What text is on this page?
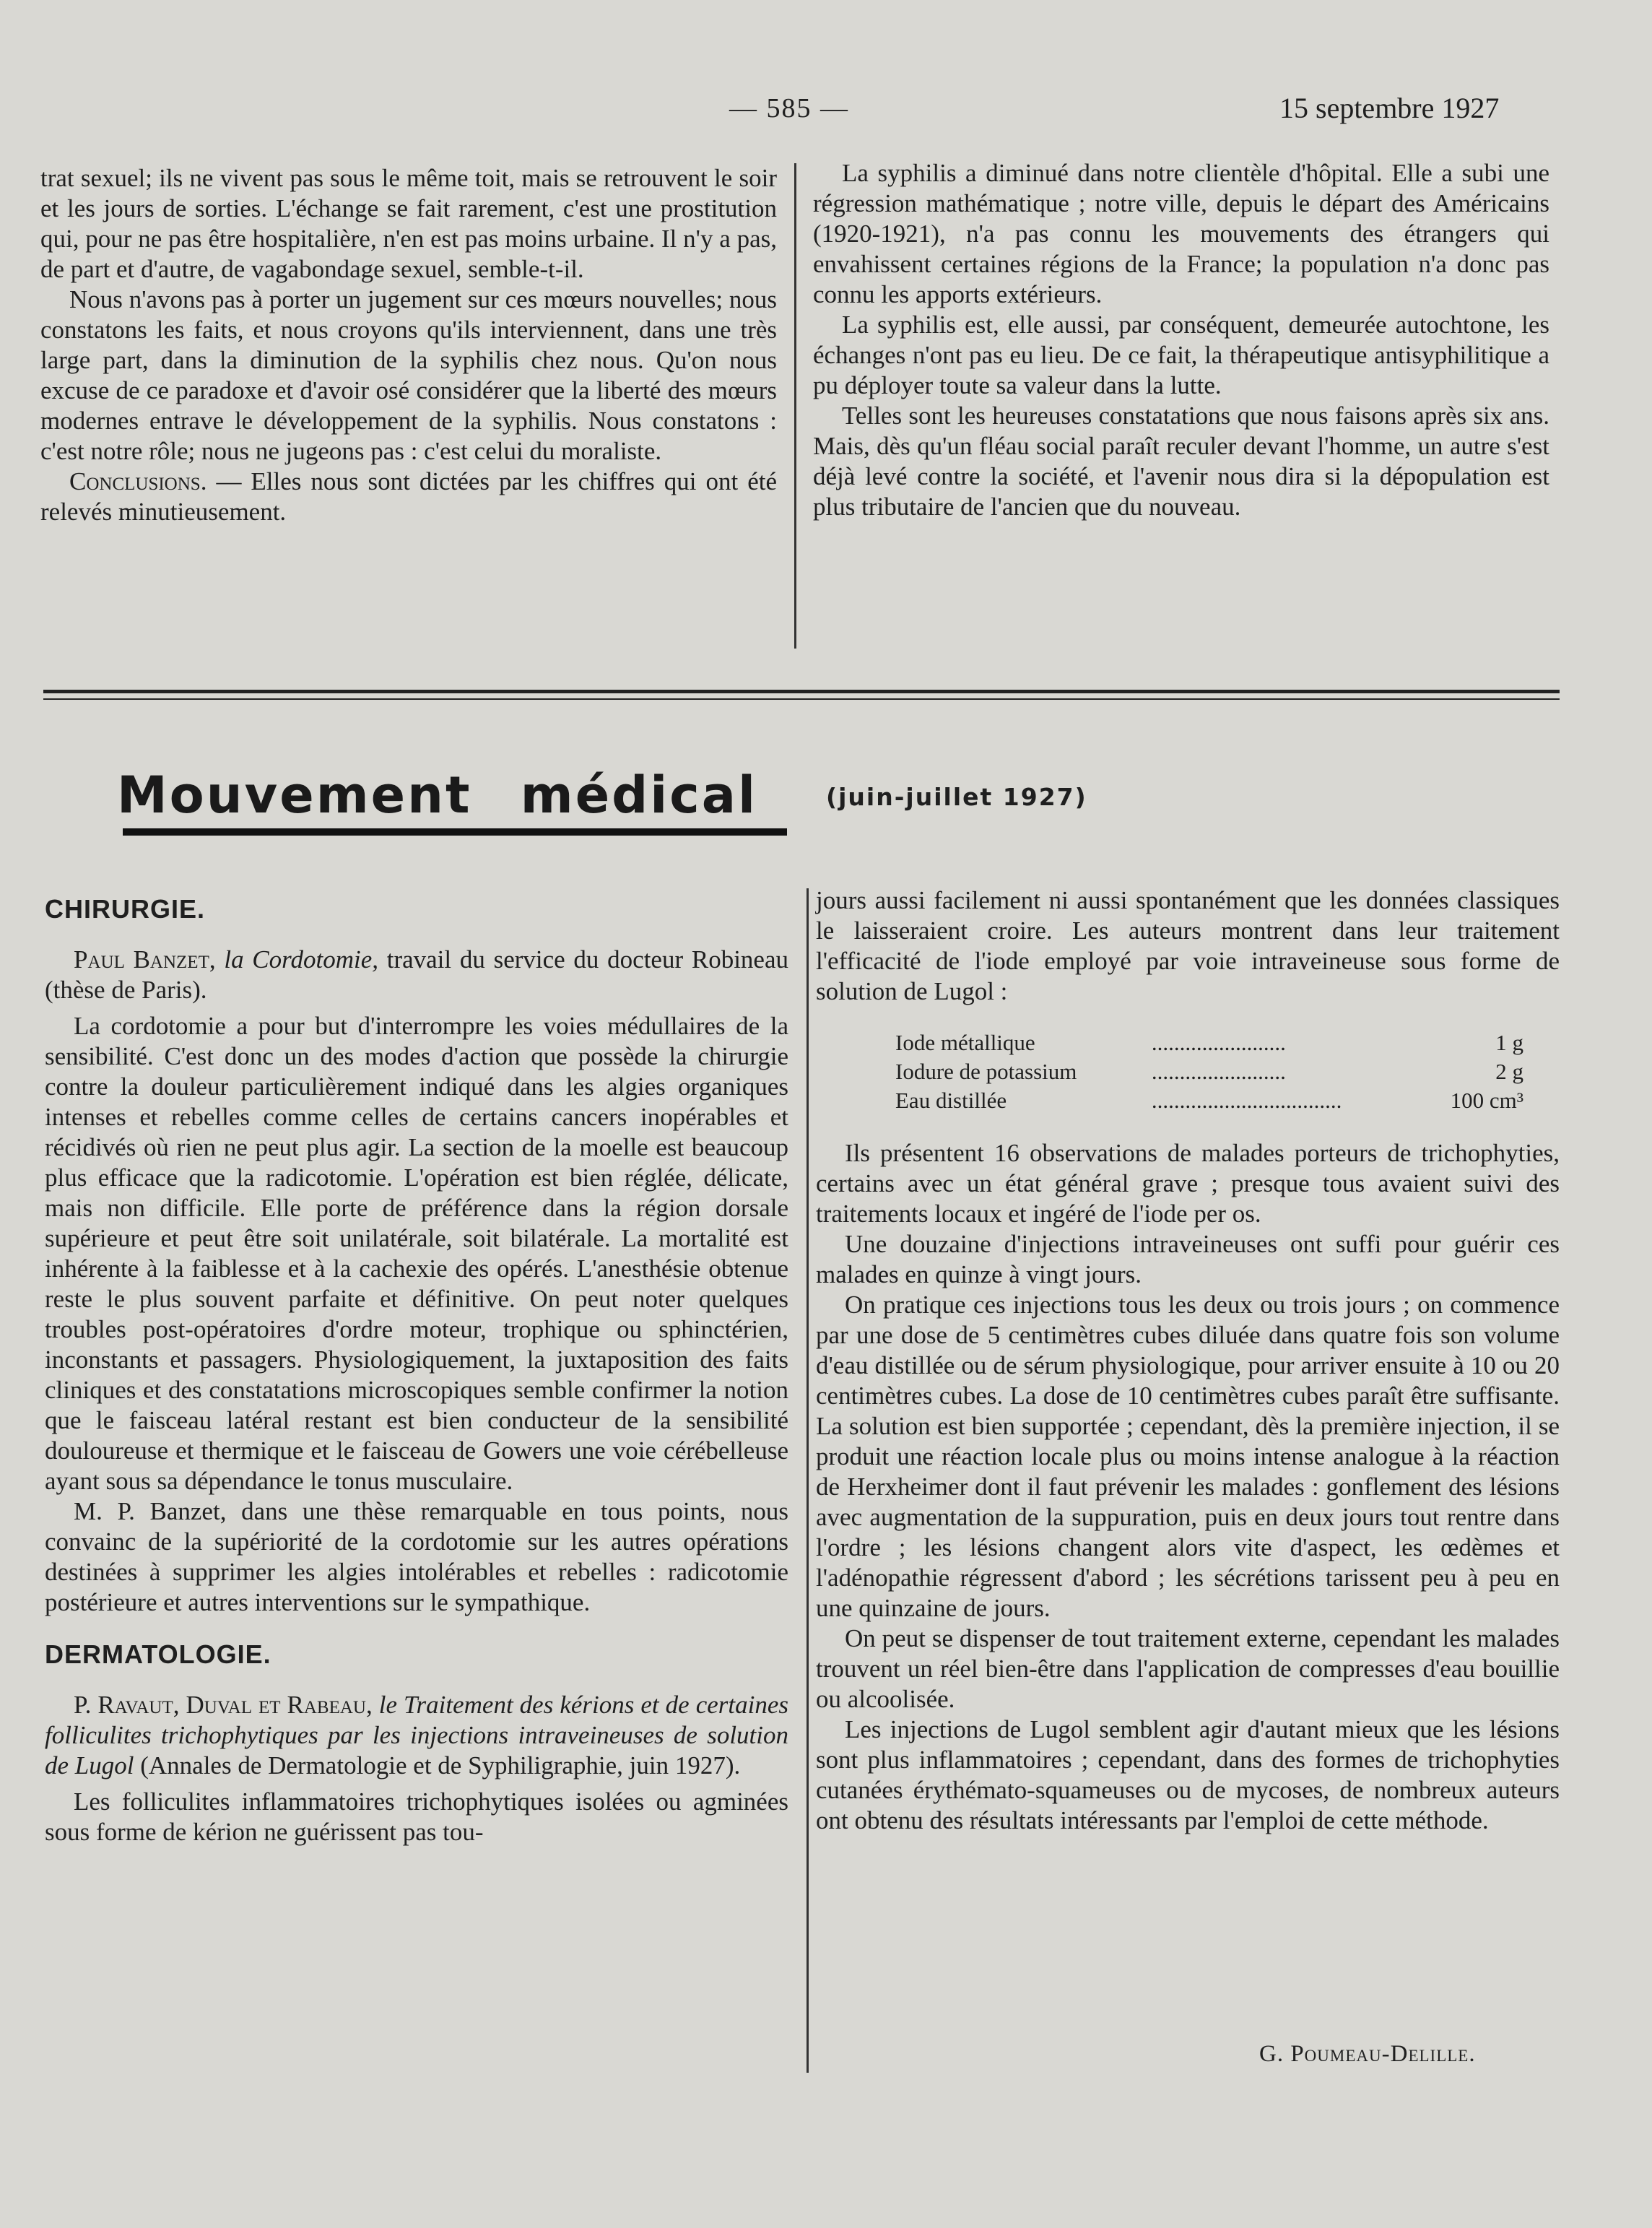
— 585 —	15 septembre 1927

trat sexuel; ils ne vivent pas sous le même toit, mais se retrouvent le soir et les jours de sorties. L'échange se fait rarement, c'est une prostitution qui, pour ne pas être hospitalière, n'en est pas moins urbaine. Il n'y a pas, de part et d'autre, de vagabondage sexuel, semble-t-il.

Nous n'avons pas à porter un jugement sur ces mœurs nouvelles; nous constatons les faits, et nous croyons qu'ils interviennent, dans une très large part, dans la diminution de la syphilis chez nous. Qu'on nous excuse de ce paradoxe et d'avoir osé considérer que la liberté des mœurs modernes entrave le développement de la syphilis. Nous constatons : c'est notre rôle; nous ne jugeons pas : c'est celui du moraliste.

Conclusions. — Elles nous sont dictées par les chiffres qui ont été relevés minutieusement.

La syphilis a diminué dans notre clientèle d'hôpital. Elle a subi une régression mathématique ; notre ville, depuis le départ des Américains (1920-1921), n'a pas connu les mouvements des étrangers qui envahissent certaines régions de la France; la population n'a donc pas connu les apports extérieurs.

La syphilis est, elle aussi, par conséquent, demeurée autochtone, les échanges n'ont pas eu lieu. De ce fait, la thérapeutique antisyphilitique a pu déployer toute sa valeur dans la lutte.

Telles sont les heureuses constatations que nous faisons après six ans. Mais, dès qu'un fléau social paraît reculer devant l'homme, un autre s'est déjà levé contre la société, et l'avenir nous dira si la dépopulation est plus tributaire de l'ancien que du nouveau.

Mouvement médical	(juin-juillet 1927)
CHIRURGIE.

Paul Banzet, la Cordotomie, travail du service du docteur Robineau (thèse de Paris).

La cordotomie a pour but d'interrompre les voies médullaires de la sensibilité. C'est donc un des modes d'action que possède la chirurgie contre la douleur particulièrement indiqué dans les algies organiques intenses et rebelles comme celles de certains cancers inopérables et récidivés où rien ne peut plus agir. La section de la moelle est beaucoup plus efficace que la radicotomie. L'opération est bien réglée, délicate, mais non difficile. Elle porte de préférence dans la région dorsale supérieure et peut être soit unilatérale, soit bilatérale. La mortalité est inhérente à la faiblesse et à la cachexie des opérés. L'anesthésie obtenue reste le plus souvent parfaite et définitive. On peut noter quelques troubles post-opératoires d'ordre moteur, trophique ou sphinctérien, inconstants et passagers. Physiologiquement, la juxtaposition des faits cliniques et des constatations microscopiques semble confirmer la notion que le faisceau latéral restant est bien conducteur de la sensibilité douloureuse et thermique et le faisceau de Gowers une voie cérébelleuse ayant sous sa dépendance le tonus musculaire.

M. P. Banzet, dans une thèse remarquable en tous points, nous convainc de la supériorité de la cordotomie sur les autres opérations destinées à supprimer les algies intolérables et rebelles : radicotomie postérieure et autres interventions sur le sympathique.

DERMATOLOGIE.

P. Ravaut, Duval et Rabeau, le Traitement des kérions et de certaines folliculites trichophytiques par les injections intraveineuses de solution de Lugol (Annales de Dermatologie et de Syphiligraphie, juin 1927).

Les folliculites inflammatoires trichophytiques isolées ou agminées sous forme de kérion ne guérissent pas tou-

jours aussi facilement ni aussi spontanément que les données classiques le laisseraient croire. Les auteurs montrent dans leur traitement l'efficacité de l'iode employé par voie intraveineuse sous forme de solution de Lugol :

Iode métallique	........................	1 g
Iodure de potassium	........................	2 g
Eau distillée	..................................	100 cm³

Ils présentent 16 observations de malades porteurs de trichophyties, certains avec un état général grave ; presque tous avaient suivi des traitements locaux et ingéré de l'iode per os.

Une douzaine d'injections intraveineuses ont suffi pour guérir ces malades en quinze à vingt jours.

On pratique ces injections tous les deux ou trois jours ; on commence par une dose de 5 centimètres cubes diluée dans quatre fois son volume d'eau distillée ou de sérum physiologique, pour arriver ensuite à 10 ou 20 centimètres cubes. La dose de 10 centimètres cubes paraît être suffisante. La solution est bien supportée ; cependant, dès la première injection, il se produit une réaction locale plus ou moins intense analogue à la réaction de Herxheimer dont il faut prévenir les malades : gonflement des lésions avec augmentation de la suppuration, puis en deux jours tout rentre dans l'ordre ; les lésions changent alors vite d'aspect, les œdèmes et l'adénopathie régressent d'abord ; les sécrétions tarissent peu à peu en une quinzaine de jours.

On peut se dispenser de tout traitement externe, cependant les malades trouvent un réel bien-être dans l'application de compresses d'eau bouillie ou alcoolisée.

Les injections de Lugol semblent agir d'autant mieux que les lésions sont plus inflammatoires ; cependant, dans des formes de trichophyties cutanées érythémato-squameuses ou de mycoses, de nombreux auteurs ont obtenu des résultats intéressants par l'emploi de cette méthode.

G. Poumeau-Delille.
